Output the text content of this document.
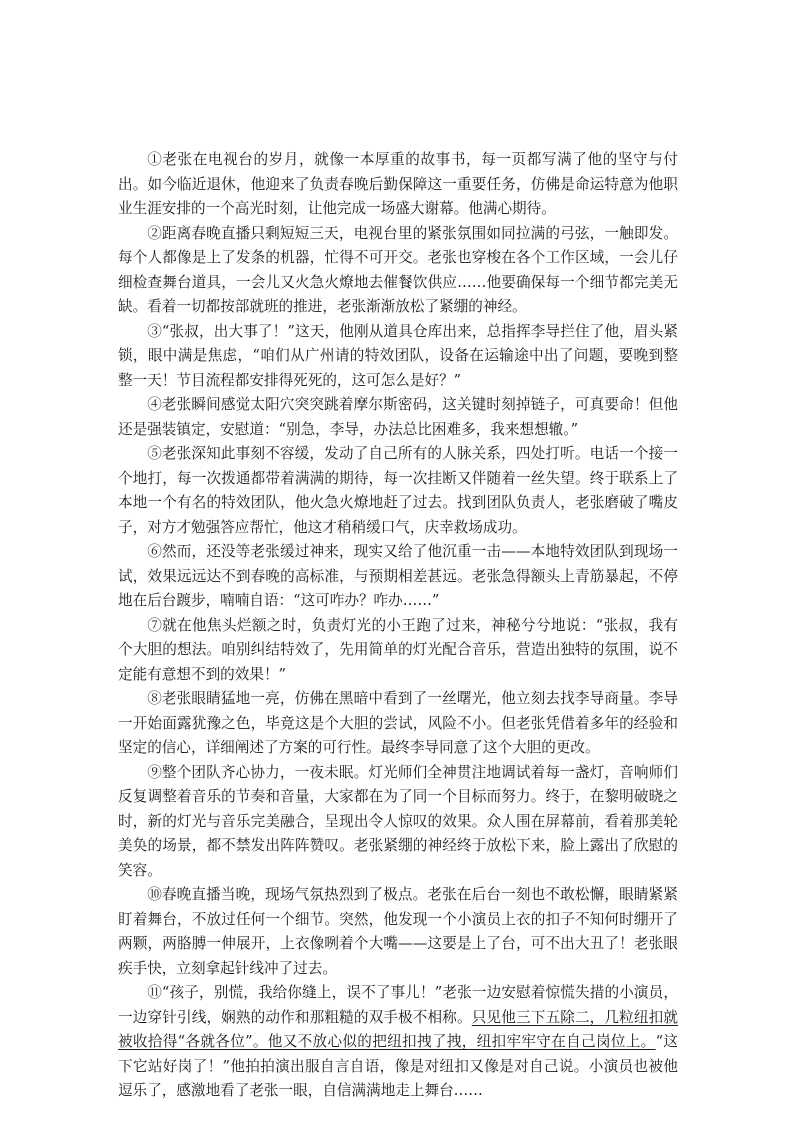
①老张在电视台的岁月，就像一本厚重的故事书，每一页都写满了他的坚守与付出。如今临近退休，他迎来了负责春晚后勤保障这一重要任务，仿佛是命运特意为他职业生涯安排的一个高光时刻，让他完成一场盛大谢幕。他满心期待。

②距离春晚直播只剩短短三天，电视台里的紧张氛围如同拉满的弓弦，一触即发。每个人都像是上了发条的机器，忙得不可开交。老张也穿梭在各个工作区域，一会儿仔细检查舞台道具，一会儿又火急火燎地去催餐饮供应……他要确保每一个细节都完美无缺。看着一切都按部就班的推进，老张渐渐放松了紧绷的神经。

③“张叔，出大事了！”这天，他刚从道具仓库出来，总指挥李导拦住了他，眉头紧锁，眼中满是焦虑，“咱们从广州请的特效团队，设备在运输途中出了问题，要晚到整整一天！节目流程都安排得死死的，这可怎么是好？”

④老张瞬间感觉太阳穴突突跳着摩尔斯密码，这关键时刻掉链子，可真要命！但他还是强装镇定，安慰道：“别急，李导，办法总比困难多，我来想想辙。”

⑤老张深知此事刻不容缓，发动了自己所有的人脉关系，四处打听。电话一个接一个地打，每一次拨通都带着满满的期待，每一次挂断又伴随着一丝失望。终于联系上了本地一个有名的特效团队，他火急火燎地赶了过去。找到团队负责人，老张磨破了嘴皮子，对方才勉强答应帮忙，他这才稍稍缓口气，庆幸救场成功。

⑥然而，还没等老张缓过神来，现实又给了他沉重一击——本地特效团队到现场一试，效果远远达不到春晚的高标准，与预期相差甚远。老张急得额头上青筋暴起，不停地在后台踱步，喃喃自语：“这可咋办？咋办……”

⑦就在他焦头烂额之时，负责灯光的小王跑了过来，神秘兮兮地说：“张叔，我有个大胆的想法。咱别纠结特效了，先用简单的灯光配合音乐，营造出独特的氛围，说不定能有意想不到的效果！”

⑧老张眼睛猛地一亮，仿佛在黑暗中看到了一丝曙光，他立刻去找李导商量。李导一开始面露犹豫之色，毕竟这是个大胆的尝试，风险不小。但老张凭借着多年的经验和坚定的信心，详细阐述了方案的可行性。最终李导同意了这个大胆的更改。

⑨整个团队齐心协力，一夜未眠。灯光师们全神贯注地调试着每一盏灯，音响师们反复调整着音乐的节奏和音量，大家都在为了同一个目标而努力。终于，在黎明破晓之时，新的灯光与音乐完美融合，呈现出令人惊叹的效果。众人围在屏幕前，看着那美轮美奂的场景，都不禁发出阵阵赞叹。老张紧绷的神经终于放松下来，脸上露出了欣慰的笑容。

⑩春晚直播当晚，现场气氛热烈到了极点。老张在后台一刻也不敢松懈，眼睛紧紧盯着舞台，不放过任何一个细节。突然，他发现一个小演员上衣的扣子不知何时绷开了两颗，两胳膊一伸展开，上衣像咧着个大嘴——这要是上了台，可不出大丑了！老张眼疾手快，立刻拿起针线冲了过去。

⑪“孩子，别慌，我给你缝上，误不了事儿！”老张一边安慰着惊慌失措的小演员，一边穿针引线，娴熟的动作和那粗糙的双手极不相称。只见他三下五除二，几粒纽扣就被收拾得“各就各位”。他又不放心似的把纽扣拽了拽，纽扣牢牢守在自己岗位上。“这下它站好岗了！”他拍拍演出服自言自语，像是对纽扣又像是对自己说。小演员也被他逗乐了，感激地看了老张一眼，自信满满地走上舞台……
